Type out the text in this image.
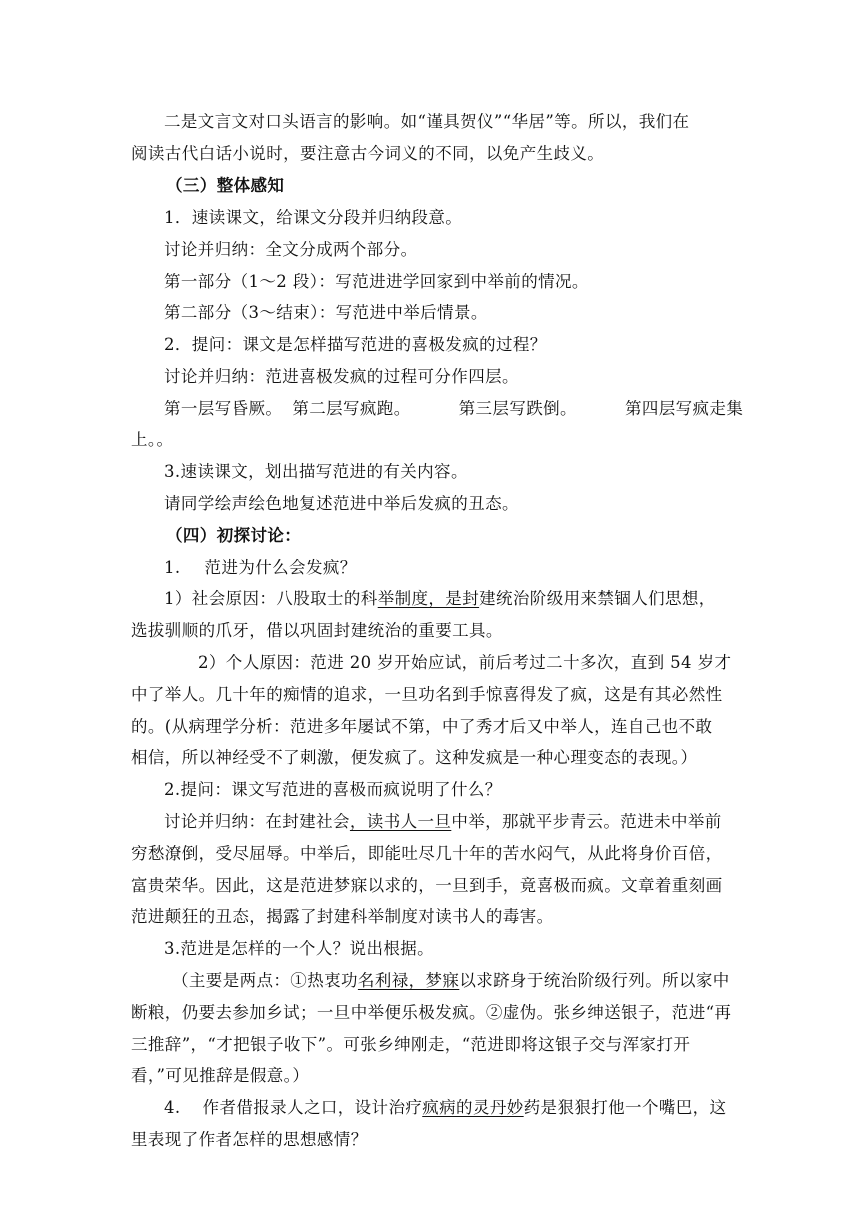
二是文言文对口头语言的影响。如“谨具贺仪”“华居”等。所以，我们在
阅读古代白话小说时，要注意古今词义的不同，以免产生歧义。
（三）整体感知
1．速读课文，给课文分段并归纳段意。
讨论并归纳：全文分成两个部分。
第一部分（1～2 段）：写范进进学回家到中举前的情况。
第二部分（3～结束）：写范进中举后情景。
2．提问：课文是怎样描写范进的喜极发疯的过程？
讨论并归纳：范进喜极发疯的过程可分作四层。
第一层写昏厥。 第二层写疯跑。	第三层写跌倒。	第四层写疯走集
上。。
3.速读课文，划出描写范进的有关内容。
请同学绘声绘色地复述范进中举后发疯的丑态。
（四）初探讨论：
1. 范进为什么会发疯？
1）社会原因：八股取士的科举制度，是封建统治阶级用来禁锢人们思想，
选拔驯顺的爪牙，借以巩固封建统治的重要工具。
2）个人原因：范进 20 岁开始应试，前后考过二十多次，直到 54 岁才
中了举人。几十年的痴情的追求，一旦功名到手惊喜得发了疯，这是有其必然性
的。(从病理学分析：范进多年屡试不第，中了秀才后又中举人，连自己也不敢
相信，所以神经受不了刺激，便发疯了。这种发疯是一种心理变态的表现。）
2.提问：课文写范进的喜极而疯说明了什么？
讨论并归纳：在封建社会，读书人一旦中举，那就平步青云。范进未中举前
穷愁潦倒，受尽屈辱。中举后，即能吐尽几十年的苦水闷气，从此将身价百倍，
富贵荣华。因此，这是范进梦寐以求的，一旦到手，竟喜极而疯。文章着重刻画
范进颠狂的丑态，揭露了封建科举制度对读书人的毒害。
3.范进是怎样的一个人？说出根据。
（主要是两点：①热衷功名利禄，梦寐以求跻身于统治阶级行列。所以家中
断粮，仍要去参加乡试；一旦中举便乐极发疯。②虚伪。张乡绅送银子，范进“再
三推辞”，“才把银子收下”。可张乡绅刚走，“范进即将这银子交与浑家打开
看，”可见推辞是假意。）
4. 作者借报录人之口，设计治疗疯病的灵丹妙药是狠狠打他一个嘴巴，这
里表现了作者怎样的思想感情？
